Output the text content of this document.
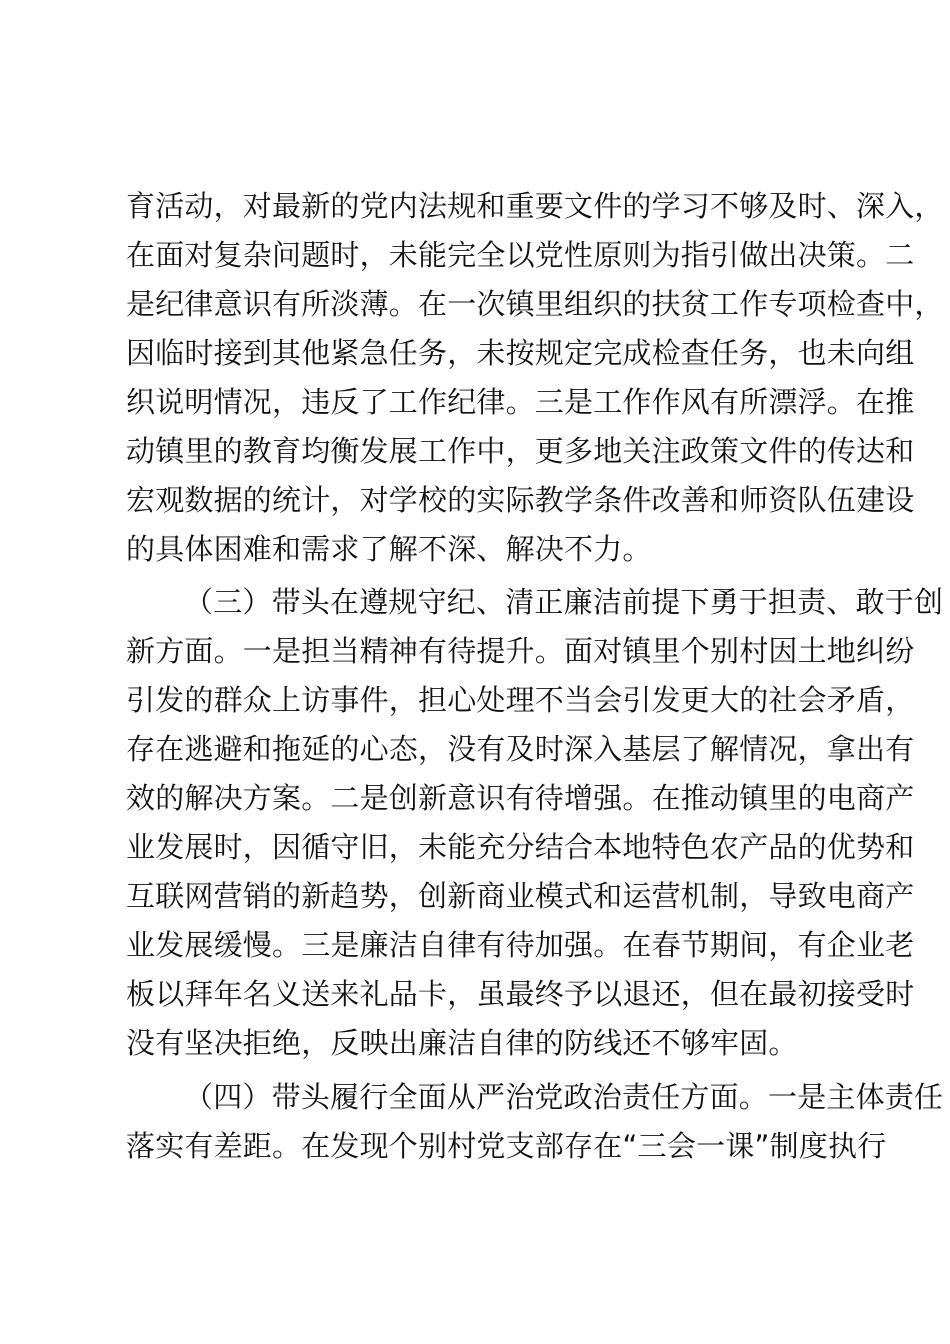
育活动，对最新的党内法规和重要文件的学习不够及时、深入，
在面对复杂问题时，未能完全以党性原则为指引做出决策。二
是纪律意识有所淡薄。在一次镇里组织的扶贫工作专项检查中，
因临时接到其他紧急任务，未按规定完成检查任务，也未向组
织说明情况，违反了工作纪律。三是工作作风有所漂浮。在推
动镇里的教育均衡发展工作中，更多地关注政策文件的传达和
宏观数据的统计，对学校的实际教学条件改善和师资队伍建设
的具体困难和需求了解不深、解决不力。
（三）带头在遵规守纪、清正廉洁前提下勇于担责、敢于创
新方面。一是担当精神有待提升。面对镇里个别村因土地纠纷
引发的群众上访事件，担心处理不当会引发更大的社会矛盾，
存在逃避和拖延的心态，没有及时深入基层了解情况，拿出有
效的解决方案。二是创新意识有待增强。在推动镇里的电商产
业发展时，因循守旧，未能充分结合本地特色农产品的优势和
互联网营销的新趋势，创新商业模式和运营机制，导致电商产
业发展缓慢。三是廉洁自律有待加强。在春节期间，有企业老
板以拜年名义送来礼品卡，虽最终予以退还，但在最初接受时
没有坚决拒绝，反映出廉洁自律的防线还不够牢固。
（四）带头履行全面从严治党政治责任方面。一是主体责任
落实有差距。在发现个别村党支部存在“三会一课”制度执行
